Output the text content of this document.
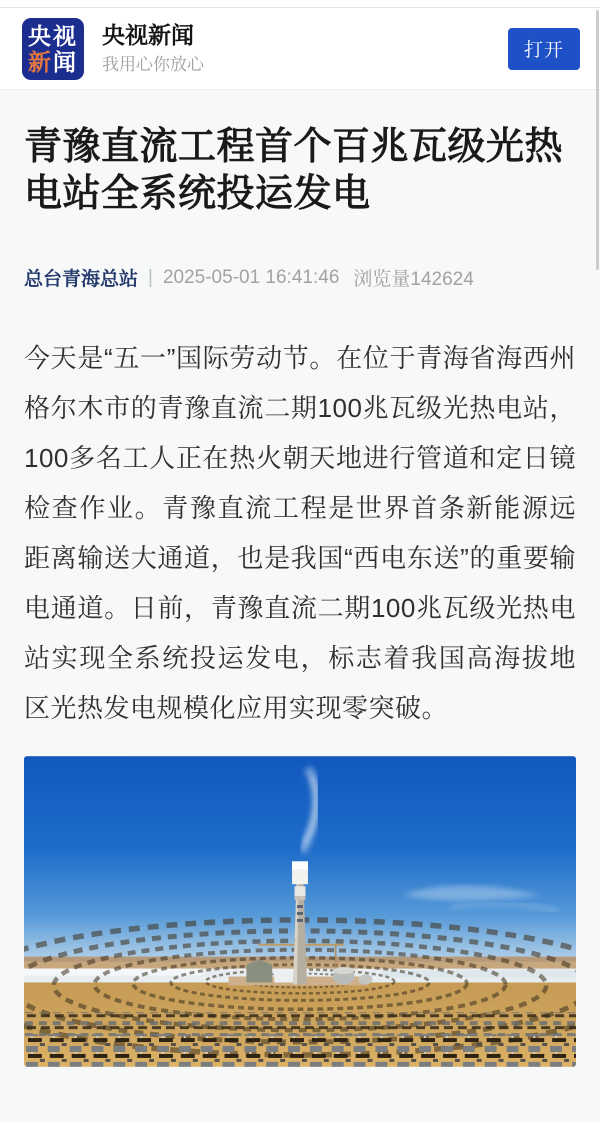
央视
新闻
央视新闻
我用心你放心
打开
青豫直流工程首个百兆瓦级光热电站全系统投运发电
总台青海总站 | 2025-05-01 16:41:46 浏览量142624

今天是“五一”国际劳动节。在位于青海省海西州格尔木市的青豫直流二期100兆瓦级光热电站，100多名工人正在热火朝天地进行管道和定日镜检查作业。青豫直流工程是世界首条新能源远距离输送大通道，也是我国“西电东送”的重要输电通道。日前，青豫直流二期100兆瓦级光热电站实现全系统投运发电，标志着我国高海拔地区光热发电规模化应用实现零突破。
